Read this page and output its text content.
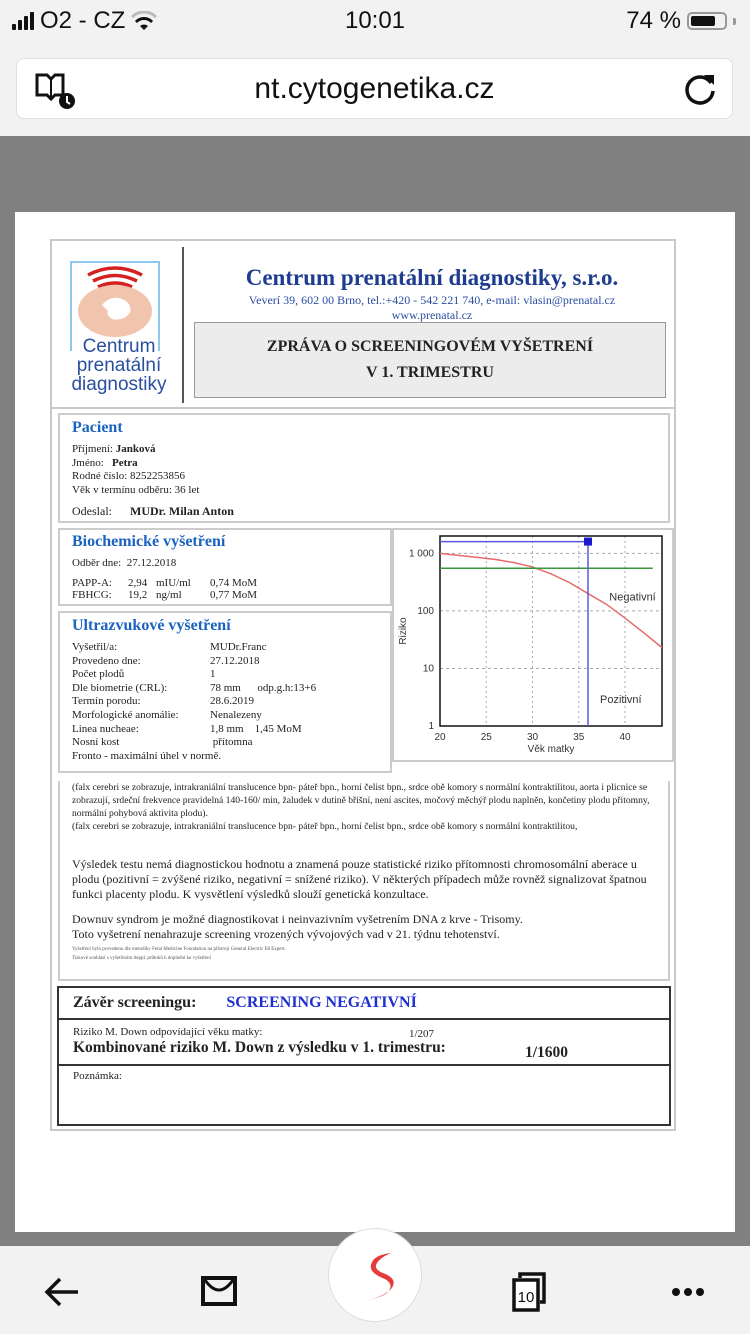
O2 - CZ	10:01	74 %
nt.cytogenetika.cz
Centrum
prenatální
diagnostiky
Centrum prenatální diagnostiky, s.r.o.
Veverí 39, 602 00 Brno, tel.:+420 - 542 221 740, e-mail: vlasin@prenatal.cz
www.prenatal.cz
ZPRÁVA O SCREENINGOVÉM VYŠETRENÍ
V 1. TRIMESTRU
Pacient
Příjmení: Janková
Jméno: Petra
Rodné číslo: 8252253856
Věk v termínu odběru: 36 let
Odeslal: MUDr. Milan Anton
Biochemické vyšetření
Odběr dne: 27.12.2018
PAPP-A:	2,94 mIU/ml	0,74 MoM
FBHCG:	19,2 ng/ml	0,77 MoM
Ultrazvukové vyšetření
Vyšetřil/a:	MUDr.Franc
Provedeno dne:	27.12.2018
Počet plodů	1
Dle biometrie (CRL):	78 mm      odp.g.h:13+6
Termín porodu:	28.6.2019
Morfologické anomálie:	Nenalezeny
Linea nucheae:	1,8 mm    1,45 MoM
Nosní kost	přítomna
Fronto - maximální úhel v normě.
20	25	30	35	40
1
10
100
1 000
Věk matky
Riziko
Negativní
Pozitivní

(falx cerebri se zobrazuje, intrakraniální translucence bpn- páteř bpn., horní čelist bpn., srdce obě komory s normální kontraktilitou, aorta i plicnice se zobrazují, srdeční frekvence pravidelná 140-160/ min, žaludek v dutině břišní, není ascites, močový měchýř plodu naplněn, končetiny plodu přítomny, normální pohybová aktivita plodu).

(falx cerebri se zobrazuje, intrakraniální translucence bpn- páteř bpn., horní čelist bpn., srdce obě komory s normální kontraktilitou,

Výsledek testu nemá diagnostickou hodnotu a znamená pouze statistické riziko přítomnosti chromosomální aberace u plodu (pozitivní = zvýšené riziko, negativní = snížené riziko). V některých případech může rovněž signalizovat špatnou funkci placenty plodu. K vysvětlení výsledků slouží genetická konzultace.

Downuv syndrom je možné diagnostikovat i neinvazivním vyšetrením DNA z krve - Trisomy.

Toto vyšetrení nenahrazuje screening vrozených vývojových vad v 21. týdnu tehotenství.

Vyšetření bylo provedeno dle metodiky Fetal Medicine Foundation na přístroji General Electric E8 Expert.

Tiskové souhlasí s vyšetřením doppl. průtoků k doplnění ke vyšetření

Závěr screeningu: SCREENING NEGATIVNÍ
Riziko M. Down odpovídající věku matky:	1/207
Kombinované riziko M. Down z výsledku v 1. trimestru:	1/1600
Poznámka:
10
